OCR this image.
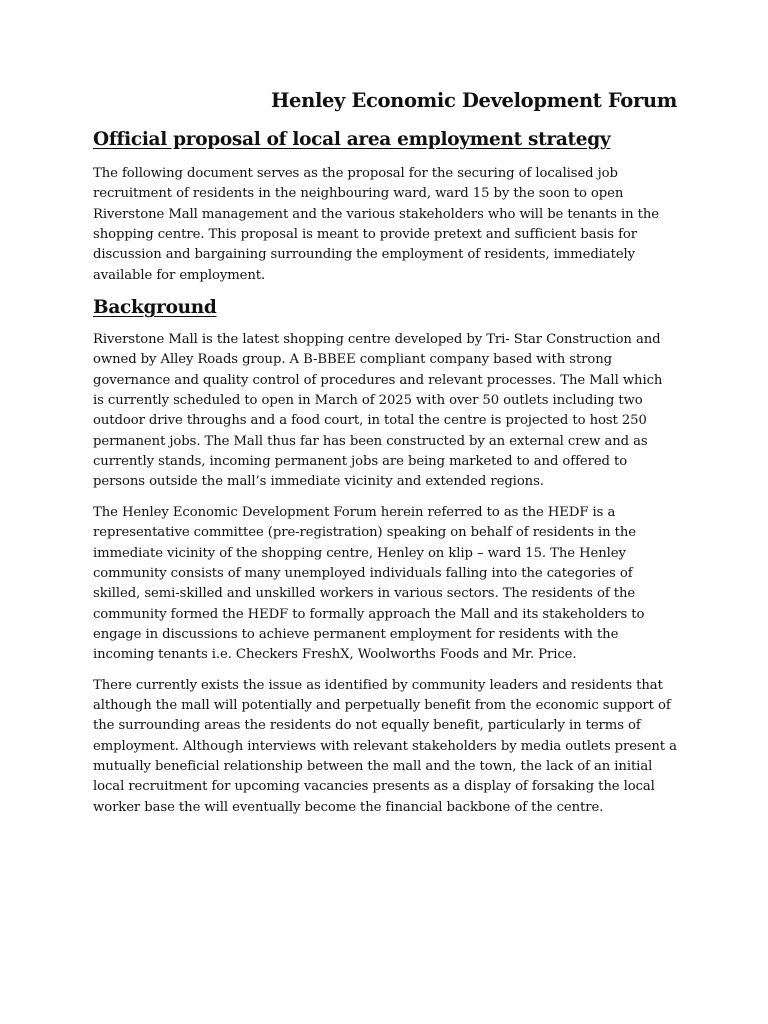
Henley Economic Development Forum
Official proposal of local area employment strategy

The following document serves as the proposal for the securing of localised job recruitment of residents in the neighbouring ward, ward 15 by the soon to open Riverstone Mall management and the various stakeholders who will be tenants in the shopping centre. This proposal is meant to provide pretext and sufficient basis for discussion and bargaining surrounding the employment of residents, immediately available for employment.

Background

Riverstone Mall is the latest shopping centre developed by Tri- Star Construction and owned by Alley Roads group. A B-BBEE compliant company based with strong governance and quality control of procedures and relevant processes. The Mall which is currently scheduled to open in March of 2025 with over 50 outlets including two outdoor drive throughs and a food court, in total the centre is projected to host 250 permanent jobs. The Mall thus far has been constructed by an external crew and as currently stands, incoming permanent jobs are being marketed to and offered to persons outside the mall’s immediate vicinity and extended regions.

The Henley Economic Development Forum herein referred to as the HEDF is a representative committee (pre-registration) speaking on behalf of residents in the immediate vicinity of the shopping centre, Henley on klip – ward 15. The Henley community consists of many unemployed individuals falling into the categories of skilled, semi-skilled and unskilled workers in various sectors. The residents of the community formed the HEDF to formally approach the Mall and its stakeholders to engage in discussions to achieve permanent employment for residents with the incoming tenants i.e. Checkers FreshX, Woolworths Foods and Mr. Price.

There currently exists the issue as identified by community leaders and residents that although the mall will potentially and perpetually benefit from the economic support of the surrounding areas the residents do not equally benefit, particularly in terms of employment. Although interviews with relevant stakeholders by media outlets present a mutually beneficial relationship between the mall and the town, the lack of an initial local recruitment for upcoming vacancies presents as a display of forsaking the local worker base the will eventually become the financial backbone of the centre.
